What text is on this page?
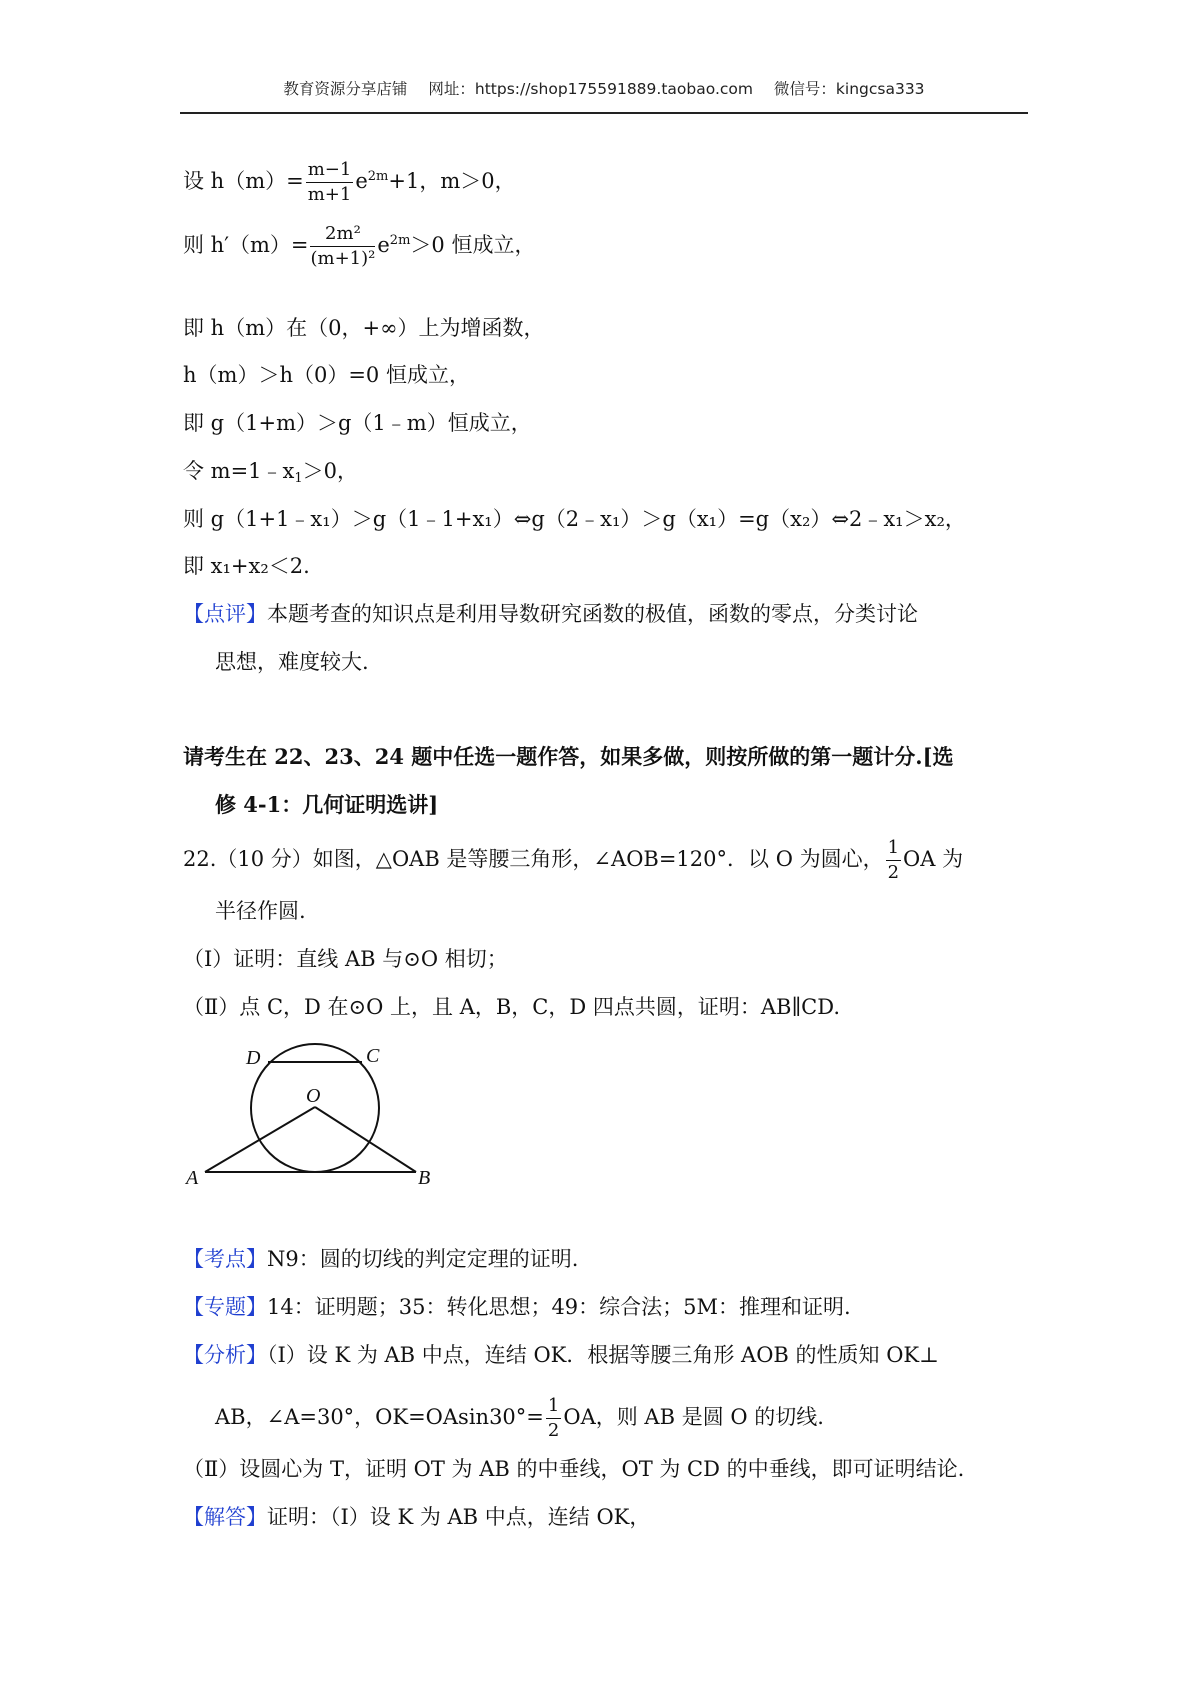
教育资源分享店铺 网址：https://shop175591889.taobao.com 微信号：kingcsa333
设 $h(m)= \frac{m-1}{m+1} e^{2m}+1$，m＞0，
则 $h'(m)= \frac{\text{2m²}}{\text{(m+1)²}} e^{2m}>0$ 恒成立，
即 h（m）在（0，+∞）上为增函数，
h（m）＞h（0）=0 恒成立，
即 g（1+m）＞g（1﹣m）恒成立，
令 $m=1﹣x_1>0$，
则 g（1+1﹣x₁）＞g（1﹣1+x₁）⇔g（2﹣x₁）＞g（x₁）=g（x₂）⇔2﹣x₁＞x₂，
即 x₁+x₂＜2.
【点评】本题考查的知识点是利用导数研究函数的极值，函数的零点，分类讨论
思想，难度较大.
请考生在 22、23、24 题中任选一题作答，如果多做，则按所做的第一题计分.[选
修 4-1：几何证明选讲]
22.（10 分）如图，△OAB 是等腰三角形，∠AOB=120°．以 O 为圆心， $\frac{1}{2}$ OA 为
半径作圆.
（Ⅰ）证明：直线 AB 与⊙O 相切；
（Ⅱ）点 C，D 在⊙O 上，且 A，B，C，D 四点共圆，证明：AB∥CD.
D	C
O
A	B
【考点】N9：圆的切线的判定定理的证明.
【专题】14：证明题；35：转化思想；49：综合法；5M：推理和证明.
【分析】（Ⅰ）设 K 为 AB 中点，连结 OK．根据等腰三角形 AOB 的性质知 OK⊥
AB，∠A=30°，$OK=OAsin30^\circ= \frac{1}{2}$ OA，则 AB 是圆 O 的切线.
（Ⅱ）设圆心为 T，证明 OT 为 AB 的中垂线，OT 为 CD 的中垂线，即可证明结论.
【解答】证明：（Ⅰ）设 K 为 AB 中点，连结 OK，
